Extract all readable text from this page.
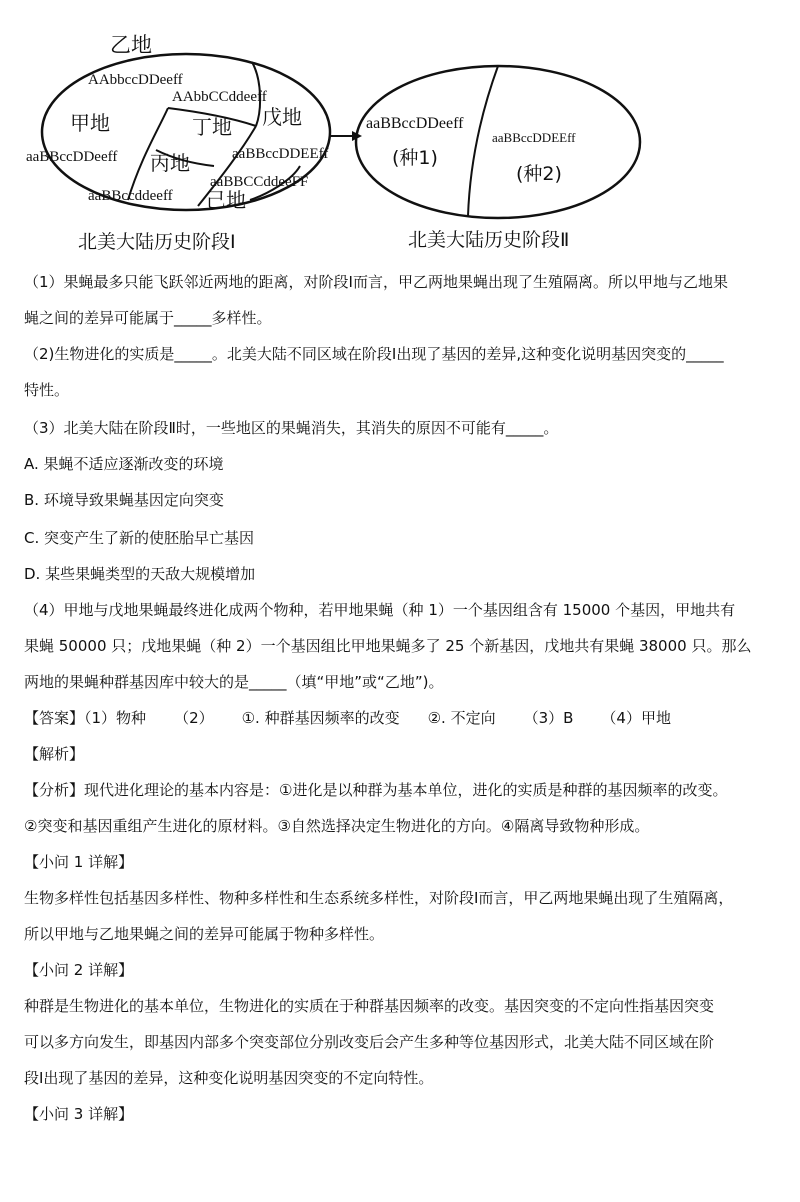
乙地
AAbbccDDeeff
AAbbCCddeeff
甲地	丁地 戊地
aaBBccDDeeff 丙地	aaBBccDDEEff
aaBBCCddeeFF
aaBBccddeeff 己地
北美大陆历史阶段Ⅰ
aaBBccDDeeff
(种1)
aaBBccDDEEff
(种2)
北美大陆历史阶段Ⅱ
（1）果蝇最多只能飞跃邻近两地的距离，对阶段Ⅰ而言，甲乙两地果蝇出现了生殖隔离。所以甲地与乙地果
蝇之间的差异可能属于_____多样性。
（2)生物进化的实质是_____。北美大陆不同区域在阶段Ⅰ出现了基因的差异,这种变化说明基因突变的_____
特性。
（3）北美大陆在阶段Ⅱ时，一些地区的果蝇消失，其消失的原因不可能有_____。
A. 果蝇不适应逐渐改变的环境
B. 环境导致果蝇基因定向突变
C. 突变产生了新的使胚胎早亡基因
D. 某些果蝇类型的天敌大规模增加
（4）甲地与戊地果蝇最终进化成两个物种，若甲地果蝇（种 1）一个基因组含有 15000 个基因，甲地共有
果蝇 50000 只；戊地果蝇（种 2）一个基因组比甲地果蝇多了 25 个新基因，戊地共有果蝇 38000 只。那么
两地的果蝇种群基因库中较大的是_____（填“甲地”或“乙地”)。
【答案】（1）物种 （2） ①. 种群基因频率的改变 ②. 不定向 （3）B （4）甲地
【解析】
【分析】现代进化理论的基本内容是：①进化是以种群为基本单位，进化的实质是种群的基因频率的改变。
②突变和基因重组产生进化的原材料。③自然选择决定生物进化的方向。④隔离导致物种形成。
【小问 1 详解】
生物多样性包括基因多样性、物种多样性和生态系统多样性，对阶段Ⅰ而言，甲乙两地果蝇出现了生殖隔离，
所以甲地与乙地果蝇之间的差异可能属于物种多样性。
【小问 2 详解】
种群是生物进化的基本单位，生物进化的实质在于种群基因频率的改变。基因突变的不定向性指基因突变
可以多方向发生，即基因内部多个突变部位分别改变后会产生多种等位基因形式，北美大陆不同区域在阶
段Ⅰ出现了基因的差异，这种变化说明基因突变的不定向特性。
【小问 3 详解】
